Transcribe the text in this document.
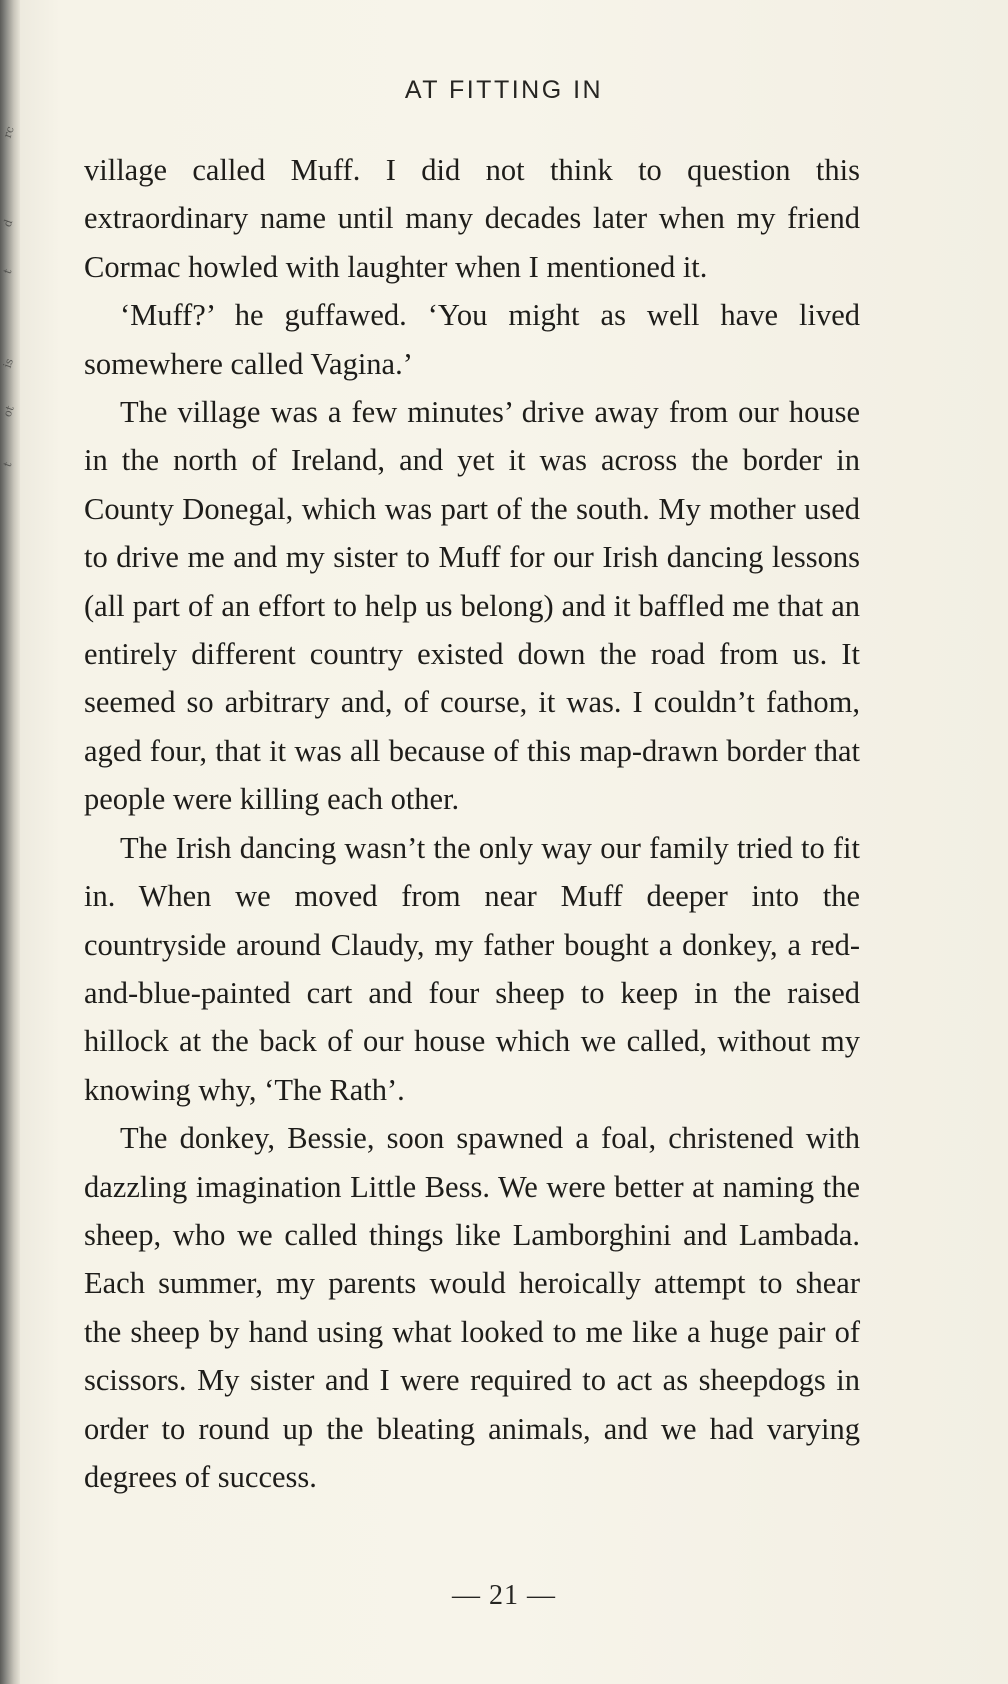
rc
d
t
is
ot
t
AT FITTING IN

village called Muff. I did not think to question this extraordinary name until many decades later when my friend Cormac howled with laughter when I mentioned it.

‘Muff?’ he guffawed. ‘You might as well have lived somewhere called Vagina.’

The village was a few minutes’ drive away from our house in the north of Ireland, and yet it was across the border in County Donegal, which was part of the south. My mother used to drive me and my sister to Muff for our Irish dancing lessons (all part of an effort to help us belong) and it baffled me that an entirely different country existed down the road from us. It seemed so arbitrary and, of course, it was. I couldn’t fathom, aged four, that it was all because of this map-drawn border that people were killing each other.

The Irish dancing wasn’t the only way our family tried to fit in. When we moved from near Muff deeper into the countryside around Claudy, my father bought a donkey, a red-and-blue-painted cart and four sheep to keep in the raised hillock at the back of our house which we called, without my knowing why, ‘The Rath’.

The donkey, Bessie, soon spawned a foal, christened with dazzling imagination Little Bess. We were better at naming the sheep, who we called things like Lamborghini and Lambada. Each summer, my parents would heroically attempt to shear the sheep by hand using what looked to me like a huge pair of scissors. My sister and I were required to act as sheepdogs in order to round up the bleating animals, and we had varying degrees of success.

— 21 —
